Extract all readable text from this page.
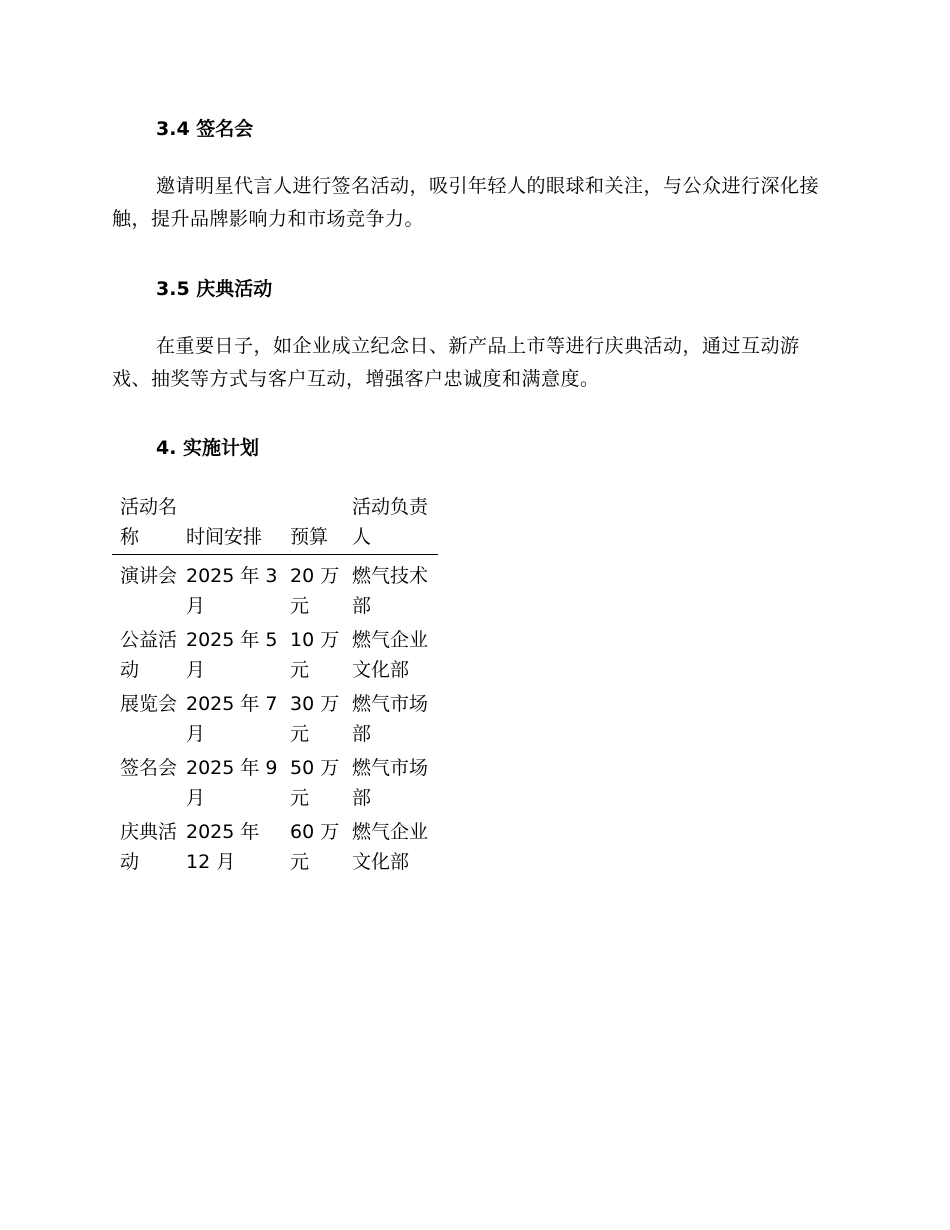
3.4 签名会

邀请明星代言人进行签名活动，吸引年轻人的眼球和关注，与公众进行深化接触，提升品牌影响力和市场竞争力。

3.5 庆典活动

在重要日子，如企业成立纪念日、新产品上市等进行庆典活动，通过互动游戏、抽奖等方式与客户互动，增强客户忠诚度和满意度。

4. 实施计划
活动名称	时间安排	预算	活动负责人
演讲会	2025 年 3 月	20 万元	燃气技术部
公益活动	2025 年 5 月	10 万元	燃气企业文化部
展览会	2025 年 7 月	30 万元	燃气市场部
签名会	2025 年 9 月	50 万元	燃气市场部
庆典活动	2025 年 12 月	60 万元	燃气企业文化部
